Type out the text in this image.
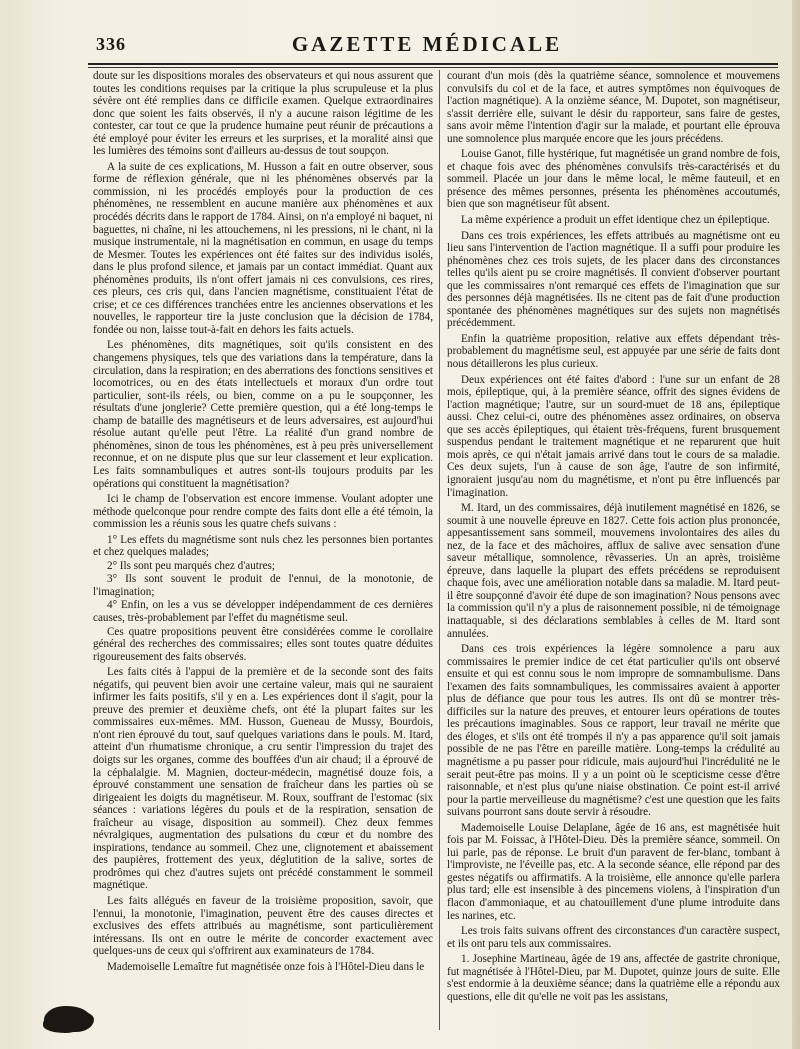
336	GAZETTE MÉDICALE

doute sur les dispositions morales des observateurs et qui nous assurent que toutes les conditions requises par la critique la plus scrupuleuse et la plus sévère ont été remplies dans ce difficile examen. Quelque extraordinaires donc que soient les faits observés, il n'y a aucune raison légitime de les contester, car tout ce que la prudence humaine peut réunir de précautions a été employé pour éviter les erreurs et les surprises, et la moralité ainsi que les lumières des témoins sont d'ailleurs au-dessus de tout soupçon.

A la suite de ces explications, M. Husson a fait en outre observer, sous forme de réflexion générale, que ni les phénomènes observés par la commission, ni les procédés employés pour la production de ces phénomènes, ne ressemblent en aucune manière aux phénomènes et aux procédés décrits dans le rapport de 1784. Ainsi, on n'a employé ni baquet, ni baguettes, ni chaîne, ni les attouchemens, ni les pressions, ni le chant, ni la musique instrumentale, ni la magnétisation en commun, en usage du temps de Mesmer. Toutes les expériences ont été faites sur des individus isolés, dans le plus profond silence, et jamais par un contact immédiat. Quant aux phénomènes produits, ils n'ont offert jamais ni ces convulsions, ces rires, ces pleurs, ces cris qui, dans l'ancien magnétisme, constituaient l'état de crise; et ce ces différences tranchées entre les anciennes observations et les nouvelles, le rapporteur tire la juste conclusion que la décision de 1784, fondée ou non, laisse tout-à-fait en dehors les faits actuels.

Les phénomènes, dits magnétiques, soit qu'ils consistent en des changemens physiques, tels que des variations dans la température, dans la circulation, dans la respiration; en des aberrations des fonctions sensitives et locomotrices, ou en des états intellectuels et moraux d'un ordre tout particulier, sont-ils réels, ou bien, comme on a pu le soupçonner, les résultats d'une jonglerie? Cette première question, qui a été long-temps le champ de bataille des magnétiseurs et de leurs adversaires, est aujourd'hui résolue autant qu'elle peut l'être. La réalité d'un grand nombre de phénomènes, sinon de tous les phénomènes, est à peu près universellement reconnue, et on ne dispute plus que sur leur classement et leur explication. Les faits somnambuliques et autres sont-ils toujours produits par les opérations qui constituent la magnétisation?

Ici le champ de l'observation est encore immense. Voulant adopter une méthode quelconque pour rendre compte des faits dont elle a été témoin, la commission les a réunis sous les quatre chefs suivans :

1° Les effets du magnétisme sont nuls chez les personnes bien portantes et chez quelques malades;

2° Ils sont peu marqués chez d'autres;

3° Ils sont souvent le produit de l'ennui, de la monotonie, de l'imagination;

4° Enfin, on les a vus se développer indépendamment de ces dernières causes, très-probablement par l'effet du magnétisme seul.

Ces quatre propositions peuvent être considérées comme le corollaire général des recherches des commissaires; elles sont toutes quatre déduites rigoureusement des faits observés.

Les faits cités à l'appui de la première et de la seconde sont des faits négatifs, qui peuvent bien avoir une certaine valeur, mais qui ne sauraient infirmer les faits positifs, s'il y en a. Les expériences dont il s'agit, pour la preuve des premier et deuxième chefs, ont été la plupart faites sur les commissaires eux-mêmes. MM. Husson, Gueneau de Mussy, Bourdois, n'ont rien éprouvé du tout, sauf quelques variations dans le pouls. M. Itard, atteint d'un rhumatisme chronique, a cru sentir l'impression du trajet des doigts sur les organes, comme des bouffées d'un air chaud; il a éprouvé de la céphalalgie. M. Magnien, docteur-médecin, magnétisé douze fois, a éprouvé constamment une sensation de fraîcheur dans les parties où se dirigeaient les doigts du magnétiseur. M. Roux, souffrant de l'estomac (six séances : variations légères du pouls et de la respiration, sensation de fraîcheur au visage, disposition au sommeil). Chez deux femmes névralgiques, augmentation des pulsations du cœur et du nombre des inspirations, tendance au sommeil. Chez une, clignotement et abaissement des paupières, frottement des yeux, déglutition de la salive, sortes de prodrômes qui chez d'autres sujets ont précédé constamment le sommeil magnétique.

Les faits allégués en faveur de la troisième proposition, savoir, que l'ennui, la monotonie, l'imagination, peuvent être des causes directes et exclusives des effets attribués au magnétisme, sont particulièrement intéressans. Ils ont en outre le mérite de concorder exactement avec quelques-uns de ceux qui s'offrirent aux examinateurs de 1784.

Mademoiselle Lemaître fut magnétisée onze fois à l'Hôtel-Dieu dans le

courant d'un mois (dès la quatrième séance, somnolence et mouvemens convulsifs du col et de la face, et autres symptômes non équivoques de l'action magnétique). A la onzième séance, M. Dupotet, son magnétiseur, s'assit derrière elle, suivant le désir du rapporteur, sans faire de gestes, sans avoir même l'intention d'agir sur la malade, et pourtant elle éprouva une somnolence plus marquée encore que les jours précédens.

Louise Ganot, fille hystérique, fut magnétisée un grand nombre de fois, et chaque fois avec des phénomènes convulsifs très-caractérisés et du sommeil. Placée un jour dans le même local, le même fauteuil, et en présence des mêmes personnes, présenta les phénomènes accoutumés, bien que son magnétiseur fût absent.

La même expérience a produit un effet identique chez un épileptique.

Dans ces trois expériences, les effets attribués au magnétisme ont eu lieu sans l'intervention de l'action magnétique. Il a suffi pour produire les phénomènes chez ces trois sujets, de les placer dans des circonstances telles qu'ils aient pu se croire magnétisés. Il convient d'observer pourtant que les commissaires n'ont remarqué ces effets de l'imagination que sur des personnes déjà magnétisées. Ils ne citent pas de fait d'une production spontanée des phénomènes magnétiques sur des sujets non magnétisés précédemment.

Enfin la quatrième proposition, relative aux effets dépendant très-probablement du magnétisme seul, est appuyée par une série de faits dont nous détaillerons les plus curieux.

Deux expériences ont été faites d'abord : l'une sur un enfant de 28 mois, épileptique, qui, à la première séance, offrit des signes évidens de l'action magnétique; l'autre, sur un sourd-muet de 18 ans, épileptique aussi. Chez celui-ci, outre des phénomènes assez ordinaires, on observa que ses accès épileptiques, qui étaient très-fréquens, furent brusquement suspendus pendant le traitement magnétique et ne reparurent que huit mois après, ce qui n'était jamais arrivé dans tout le cours de sa maladie. Ces deux sujets, l'un à cause de son âge, l'autre de son infirmité, ignoraient jusqu'au nom du magnétisme, et n'ont pu être influencés par l'imagination.

M. Itard, un des commissaires, déjà inutilement magnétisé en 1826, se soumit à une nouvelle épreuve en 1827. Cette fois action plus prononcée, appesantissement sans sommeil, mouvemens involontaires des ailes du nez, de la face et des mâchoires, afflux de salive avec sensation d'une saveur métallique, somnolence, rêvasseries. Un an après, troisième épreuve, dans laquelle la plupart des effets précédens se reproduisent chaque fois, avec une amélioration notable dans sa maladie. M. Itard peut-il être soupçonné d'avoir été dupe de son imagination? Nous pensons avec la commission qu'il n'y a plus de raisonnement possible, ni de témoignage inattaquable, si des déclarations semblables à celles de M. Itard sont annulées.

Dans ces trois expériences la légère somnolence a paru aux commissaires le premier indice de cet état particulier qu'ils ont observé ensuite et qui est connu sous le nom impropre de somnambulisme. Dans l'examen des faits somnambuliques, les commissaires avaient à apporter plus de défiance que pour tous les autres. Ils ont dû se montrer très-difficiles sur la nature des preuves, et entourer leurs opérations de toutes les précautions imaginables. Sous ce rapport, leur travail ne mérite que des éloges, et s'ils ont été trompés il n'y a pas apparence qu'il soit jamais possible de ne pas l'être en pareille matière. Long-temps la crédulité au magnétisme a pu passer pour ridicule, mais aujourd'hui l'incrédulité ne le serait peut-être pas moins. Il y a un point où le scepticisme cesse d'être raisonnable, et n'est plus qu'une niaise obstination. Ce point est-il arrivé pour la partie merveilleuse du magnétisme? c'est une question que les faits suivans pourront sans doute servir à résoudre.

Mademoiselle Louise Delaplane, âgée de 16 ans, est magnétisée huit fois par M. Foissac, à l'Hôtel-Dieu. Dès la première séance, sommeil. On lui parle, pas de réponse. Le bruit d'un paravent de fer-blanc, tombant à l'improviste, ne l'éveille pas, etc. A la seconde séance, elle répond par des gestes négatifs ou affirmatifs. A la troisième, elle annonce qu'elle parlera plus tard; elle est insensible à des pincemens violens, à l'inspiration d'un flacon d'ammoniaque, et au chatouillement d'une plume introduite dans les narines, etc.

Les trois faits suivans offrent des circonstances d'un caractère suspect, et ils ont paru tels aux commissaires.

1. Josephine Martineau, âgée de 19 ans, affectée de gastrite chronique, fut magnétisée à l'Hôtel-Dieu, par M. Dupotet, quinze jours de suite. Elle s'est endormie à la deuxième séance; dans la quatrième elle a répondu aux questions, elle dit qu'elle ne voit pas les assistans,
